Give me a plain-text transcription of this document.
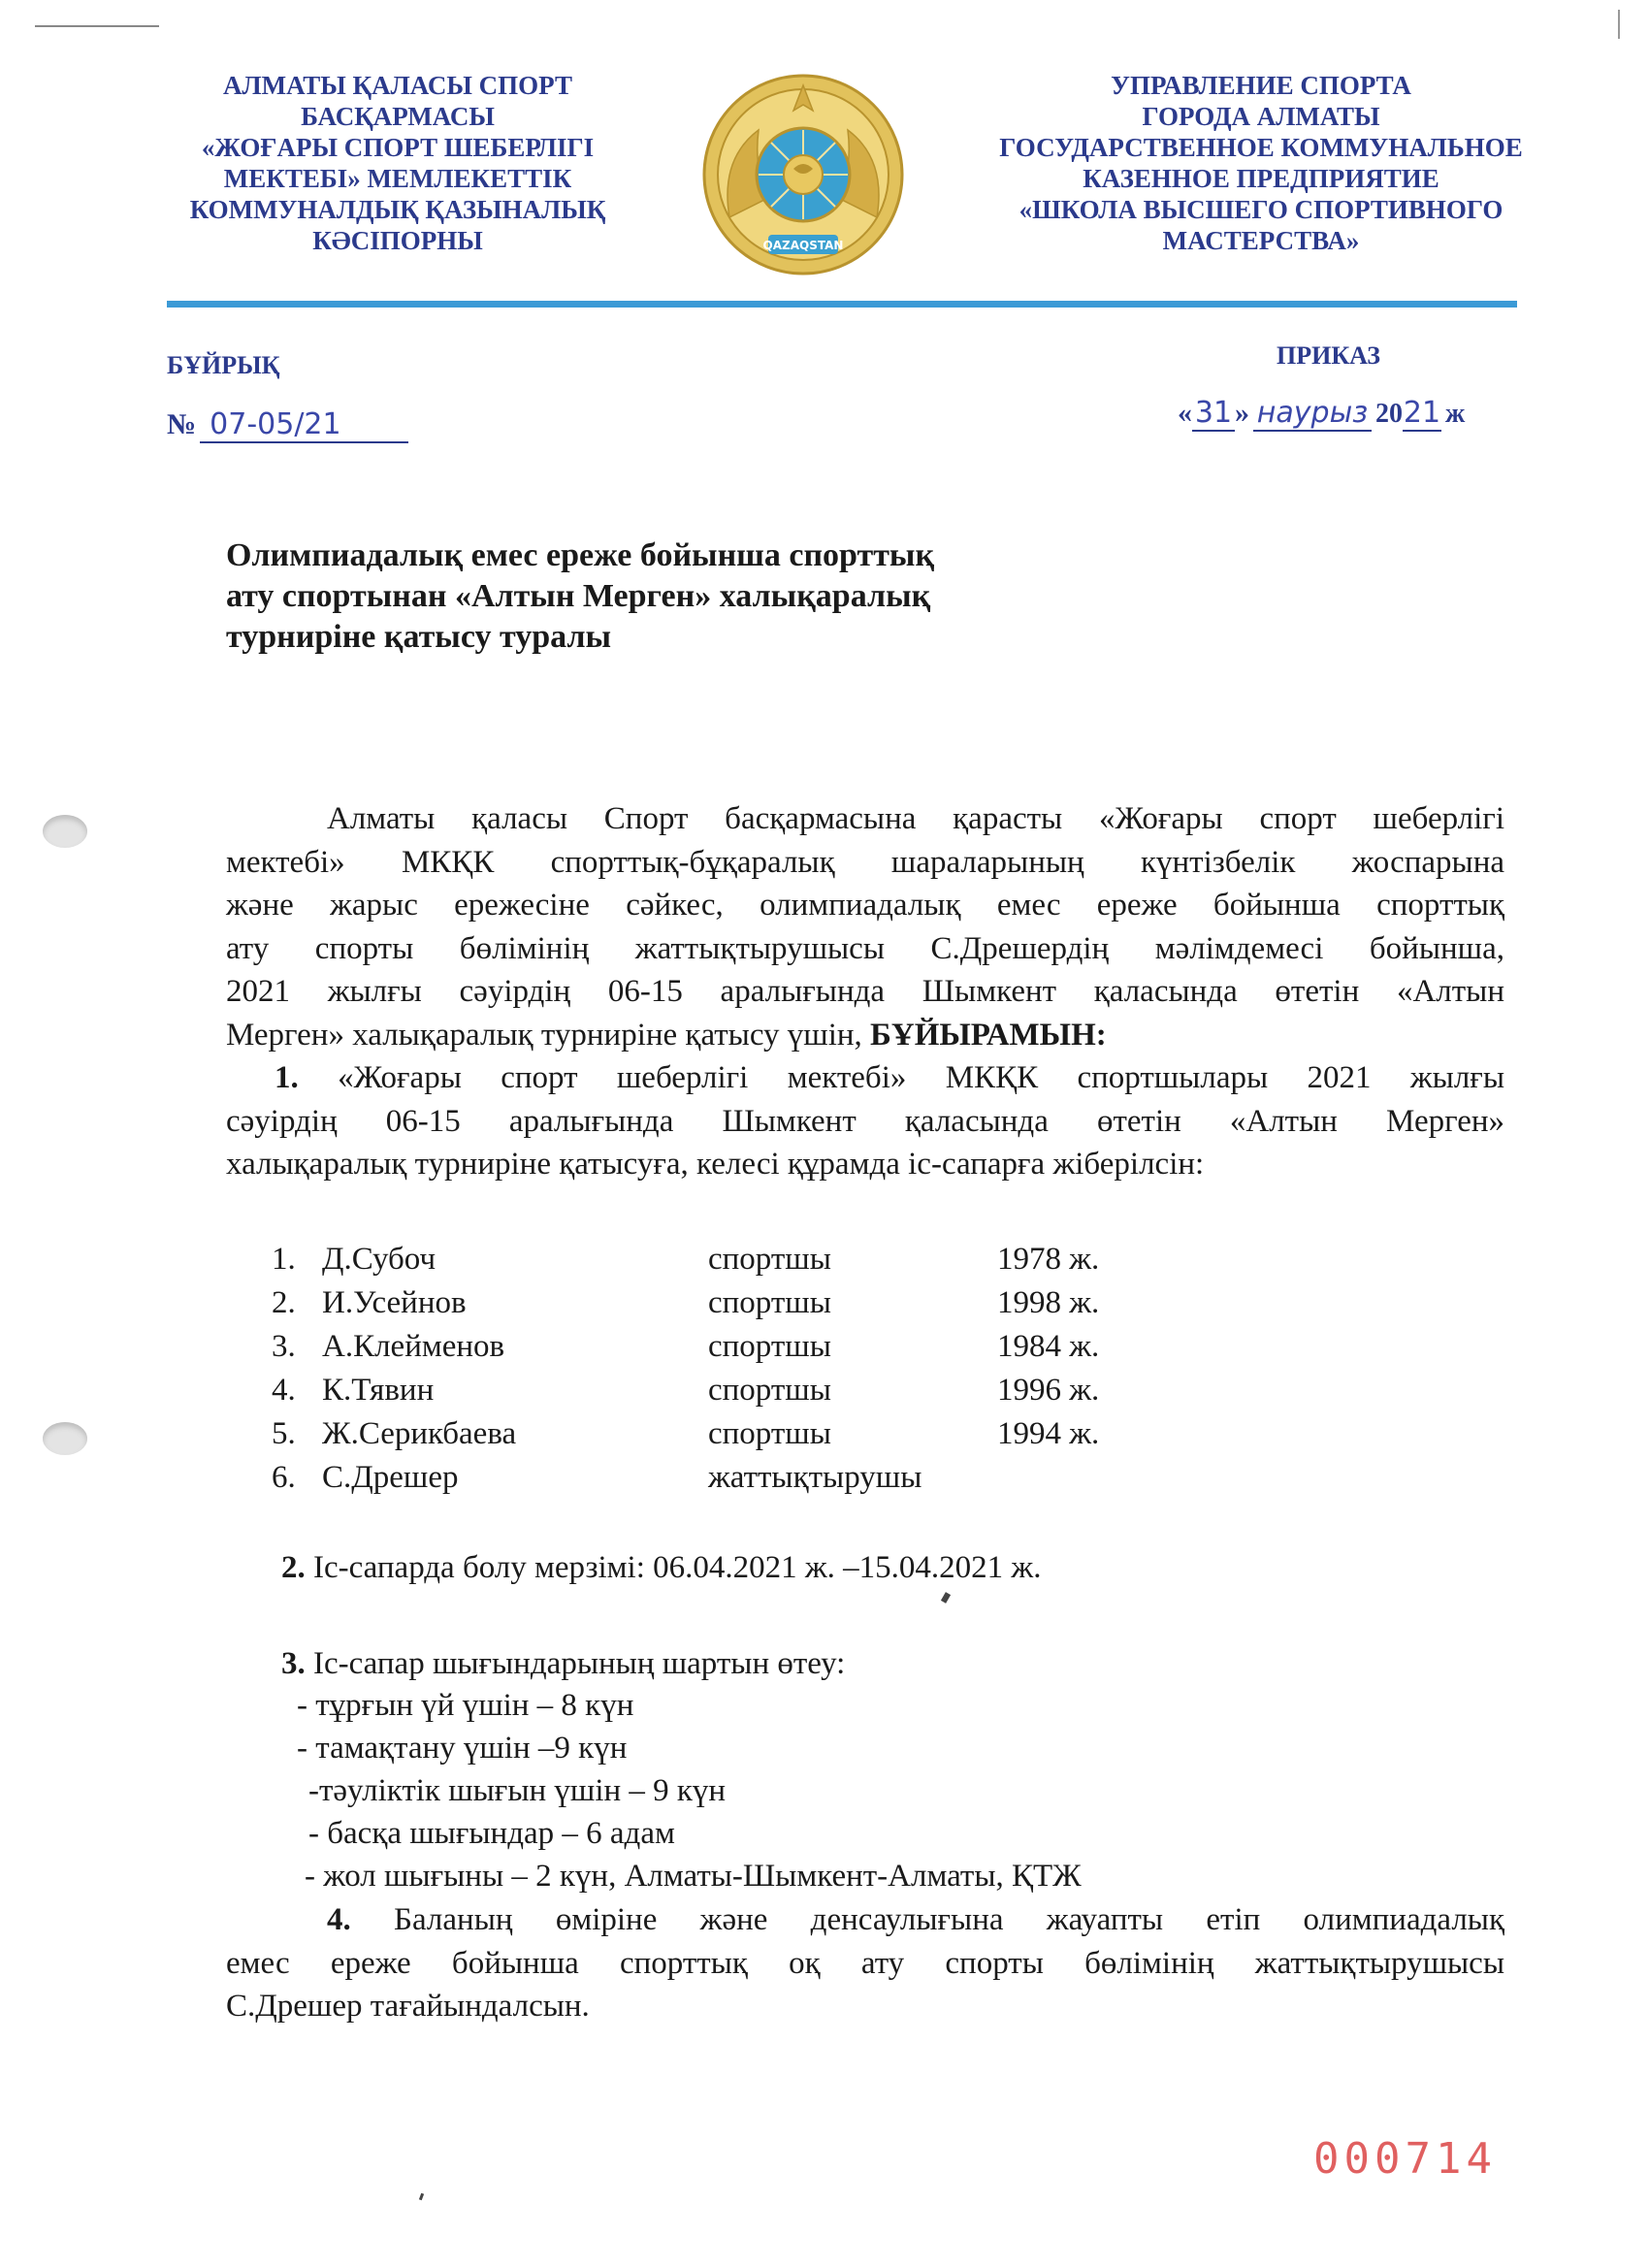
АЛМАТЫ ҚАЛАСЫ СПОРТ
БАСҚАРМАСЫ
«ЖОҒАРЫ СПОРТ ШЕБЕРЛІГІ
МЕКТЕБІ» МЕМЛЕКЕТТІК
КОММУНАЛДЫҚ ҚАЗЫНАЛЫҚ
КӘСІПОРНЫ	QAZAQSTAN
УПРАВЛЕНИЕ СПОРТА
ГОРОДА АЛМАТЫ
ГОСУДАРСТВЕННОЕ КОММУНАЛЬНОЕ
КАЗЕННОЕ ПРЕДПРИЯТИЕ
«ШКОЛА ВЫСШЕГО СПОРТИВНОГО
МАСТЕРСТВА»
БҰЙРЫҚ	ПРИКАЗ
№ 07-05/21	«31» наурыз 2021 ж
Олимпиадалық емес ереже бойынша спорттық
ату спортынан «Алтын Мерген» халықаралық
турниріне қатысу туралы
Алматы қаласы Спорт басқармасына қарасты «Жоғары спорт шеберлігі
мектебі» МКҚК спорттық-бұқаралық шараларының күнтізбелік жоспарына
және жарыс ережесіне сәйкес, олимпиадалық емес ереже бойынша спорттық
ату спорты бөлімінің жаттықтырушысы С.Дрешердің мәлімдемесі бойынша,
2021 жылғы сәуірдің 06-15 аралығында Шымкент қаласында өтетін «Алтын
Мерген» халықаралық турниріне қатысу үшін, БҰЙЫРАМЫН:
1. «Жоғары спорт шеберлігі мектебі» МКҚК спортшылары 2021 жылғы
сәуірдің 06-15 аралығында Шымкент қаласында өтетін «Алтын Мерген»
халықаралық турниріне қатысуға, келесі құрамда іс-сапарға жіберілсін:
1. Д.Субоч	спортшы	1978 ж.
2. И.Усейнов	спортшы	1998 ж.
3. А.Клейменов	спортшы	1984 ж.
4. К.Тявин	спортшы	1996 ж.
5. Ж.Серикбаева	спортшы	1994 ж.
6. С.Дрешер	жаттықтырушы
2. Іс-сапарда болу мерзімі: 06.04.2021 ж. –15.04.2021 ж.
3. Іс-сапар шығындарының шартын өтеу:
- тұрғын үй үшін – 8 күн
- тамақтану үшін –9 күн
-тәуліктік шығын үшін – 9 күн
- басқа шығындар – 6 адам
- жол шығыны – 2 күн, Алматы-Шымкент-Алматы, ҚТЖ
4. Баланың өміріне және денсаулығына жауапты етіп олимпиадалық
емес ереже бойынша спорттық оқ ату спорты бөлімінің жаттықтырушысы
С.Дрешер тағайындалсын.
000714
